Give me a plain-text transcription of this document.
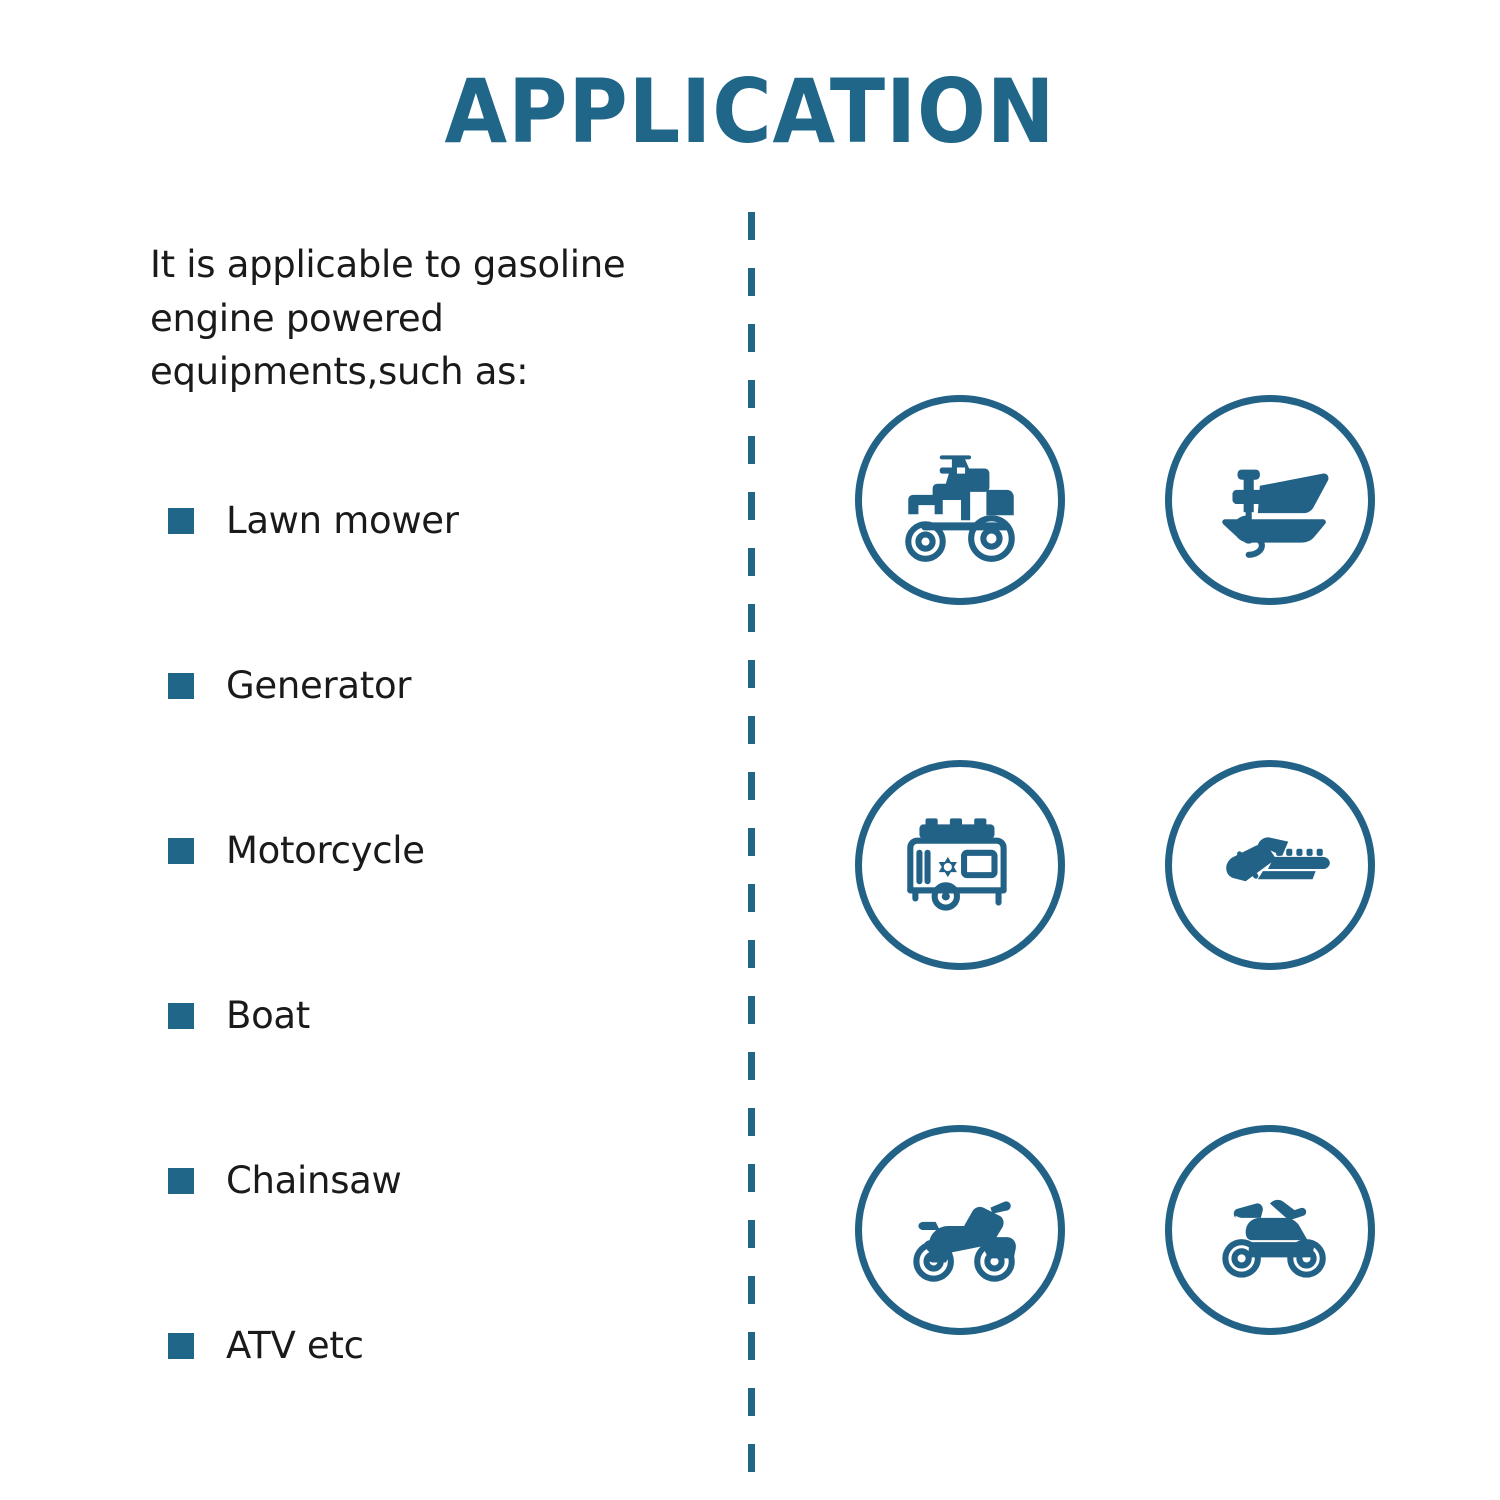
APPLICATION
It is applicable to gasoline engine powered equipments,such as:
Lawn mower
Generator
Motorcycle
Boat
Chainsaw
ATV etc
